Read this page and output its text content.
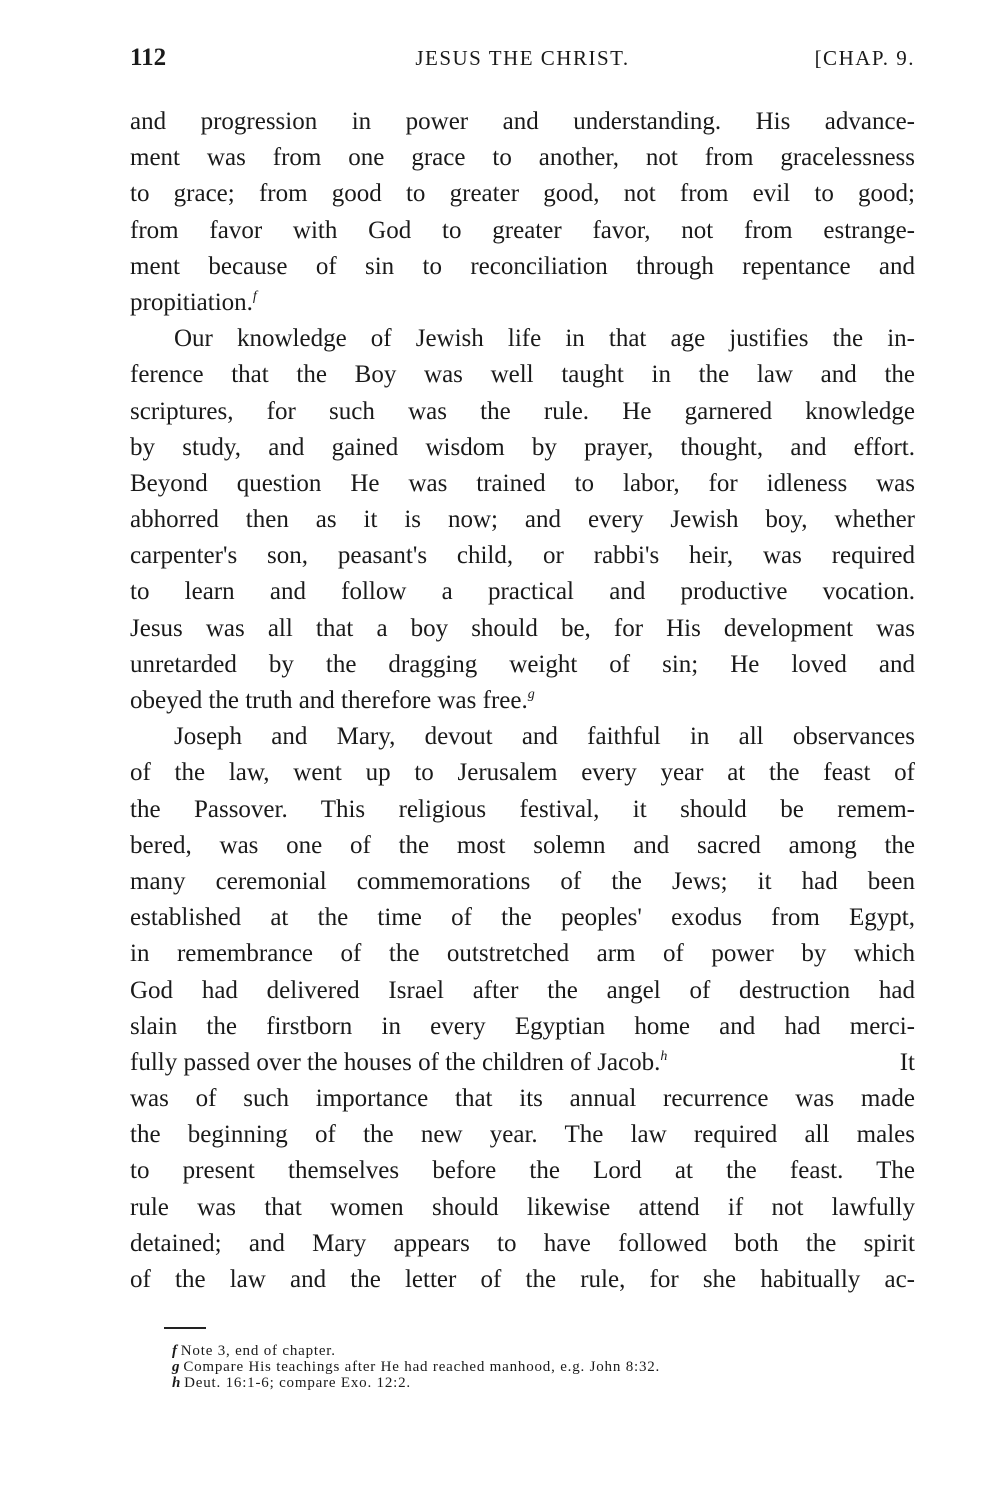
112	JESUS THE CHRIST.	[CHAP. 9.
and progression in power and understanding. His advance-
ment was from one grace to another, not from gracelessness
to grace; from good to greater good, not from evil to good;
from favor with God to greater favor, not from estrange-
ment because of sin to reconciliation through repentance and
propitiation.$^f$
Our knowledge of Jewish life in that age justifies the in-
ference that the Boy was well taught in the law and the
scriptures, for such was the rule. He garnered knowledge
by study, and gained wisdom by prayer, thought, and effort.
Beyond question He was trained to labor, for idleness was
abhorred then as it is now; and every Jewish boy, whether
carpenter's son, peasant's child, or rabbi's heir, was required
to learn and follow a practical and productive vocation.
Jesus was all that a boy should be, for His development was
unretarded by the dragging weight of sin; He loved and
obeyed the truth and therefore was free.$^g$
Joseph and Mary, devout and faithful in all observances
of the law, went up to Jerusalem every year at the feast of
the Passover. This religious festival, it should be remem-
bered, was one of the most solemn and sacred among the
many ceremonial commemorations of the Jews; it had been
established at the time of the peoples' exodus from Egypt,
in remembrance of the outstretched arm of power by which
God had delivered Israel after the angel of destruction had
slain the firstborn in every Egyptian home and had merci-
fully passed over the houses of the children of Jacob.$^h$	It
was of such importance that its annual recurrence was made
the beginning of the new year. The law required all males
to present themselves before the Lord at the feast. The
rule was that women should likewise attend if not lawfully
detained; and Mary appears to have followed both the spirit
of the law and the letter of the rule, for she habitually ac-
f Note 3, end of chapter.
g Compare His teachings after He had reached manhood, e.g. John 8:32.
h Deut. 16:1-6; compare Exo. 12:2.
